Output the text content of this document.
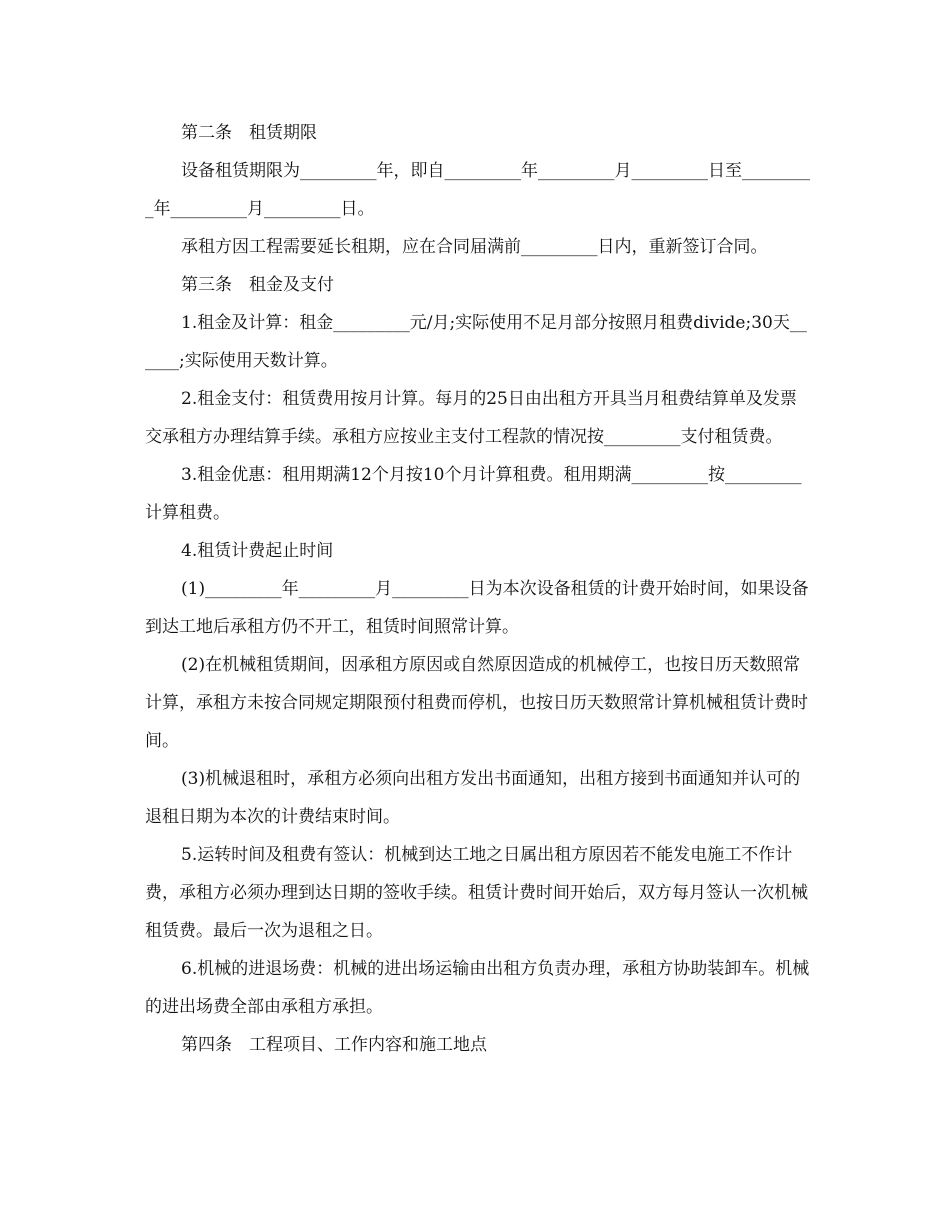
第二条　租赁期限

设备租赁期限为_________年，即自_________年_________月_________日至_________年_________月_________日。

承租方因工程需要延长租期，应在合同届满前_________日内，重新签订合同。

第三条　租金及支付

1.租金及计算：租金_________元/月;实际使用不足月部分按照月租费divide;30天______;实际使用天数计算。

2.租金支付：租赁费用按月计算。每月的25日由出租方开具当月租费结算单及发票交承租方办理结算手续。承租方应按业主支付工程款的情况按_________支付租赁费。

3.租金优惠：租用期满12个月按10个月计算租费。租用期满_________按_________计算租费。

4.租赁计费起止时间

(1)_________年_________月_________日为本次设备租赁的计费开始时间，如果设备到达工地后承租方仍不开工，租赁时间照常计算。

(2)在机械租赁期间，因承租方原因或自然原因造成的机械停工，也按日历天数照常计算，承租方未按合同规定期限预付租费而停机，也按日历天数照常计算机械租赁计费时间。

(3)机械退租时，承租方必须向出租方发出书面通知，出租方接到书面通知并认可的退租日期为本次的计费结束时间。

5.运转时间及租费有签认：机械到达工地之日属出租方原因若不能发电施工不作计费，承租方必须办理到达日期的签收手续。租赁计费时间开始后，双方每月签认一次机械租赁费。最后一次为退租之日。

6.机械的进退场费：机械的进出场运输由出租方负责办理，承租方协助装卸车。机械的进出场费全部由承租方承担。

第四条　工程项目、工作内容和施工地点
